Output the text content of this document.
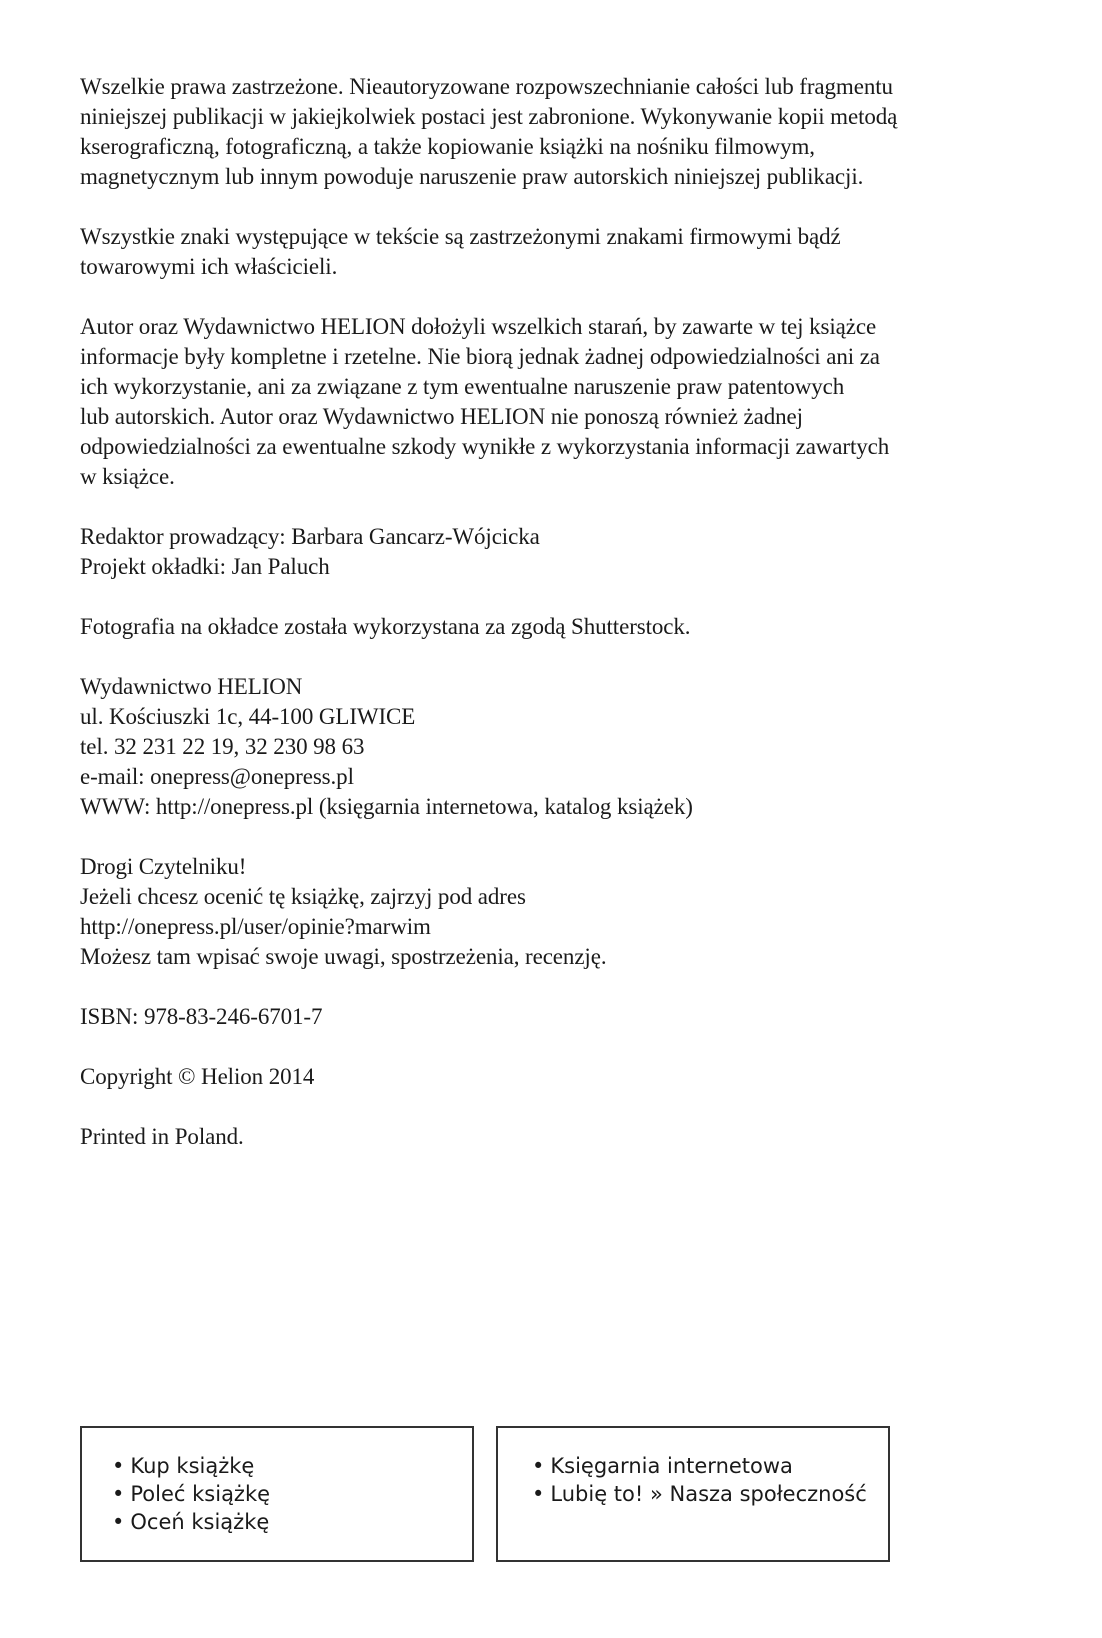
Wszelkie prawa zastrzeżone. Nieautoryzowane rozpowszechnianie całości lub fragmentu
niniejszej publikacji w jakiejkolwiek postaci jest zabronione. Wykonywanie kopii metodą
kserograficzną, fotograficzną, a także kopiowanie książki na nośniku filmowym,
magnetycznym lub innym powoduje naruszenie praw autorskich niniejszej publikacji.

Wszystkie znaki występujące w tekście są zastrzeżonymi znakami firmowymi bądź
towarowymi ich właścicieli.

Autor oraz Wydawnictwo HELION dołożyli wszelkich starań, by zawarte w tej książce
informacje były kompletne i rzetelne. Nie biorą jednak żadnej odpowiedzialności ani za
ich wykorzystanie, ani za związane z tym ewentualne naruszenie praw patentowych
lub autorskich. Autor oraz Wydawnictwo HELION nie ponoszą również żadnej
odpowiedzialności za ewentualne szkody wynikłe z wykorzystania informacji zawartych
w książce.

Redaktor prowadzący: Barbara Gancarz-Wójcicka
Projekt okładki: Jan Paluch

Fotografia na okładce została wykorzystana za zgodą Shutterstock.

Wydawnictwo HELION
ul. Kościuszki 1c, 44-100 GLIWICE
tel. 32 231 22 19, 32 230 98 63
e-mail: onepress@onepress.pl
WWW: http://onepress.pl (księgarnia internetowa, katalog książek)

Drogi Czytelniku!
Jeżeli chcesz ocenić tę książkę, zajrzyj pod adres
http://onepress.pl/user/opinie?marwim
Możesz tam wpisać swoje uwagi, spostrzeżenia, recenzję.

ISBN: 978-83-246-6701-7

Copyright © Helion 2014

Printed in Poland.

• Kup książkę
• Poleć książkę
• Oceń książkę
• Księgarnia internetowa
• Lubię to! » Nasza społeczność
